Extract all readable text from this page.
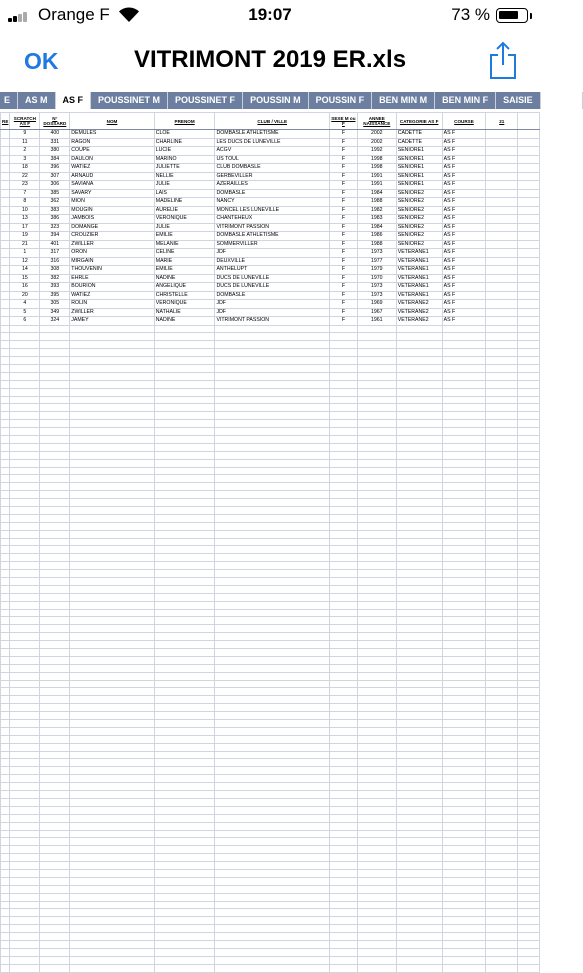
Orange F	19:07	73 %
OK	VITRIMONT 2019 ER.xls
E AS M AS F POUSSINET M POUSSINET F POUSSIN M POUSSIN F BEN MIN M BEN MIN F SAISIE MARC
RE	SCRATCH AS F	N° DOSSARD	NOM	PRENOM	CLUB / VILLE	SEXE M ou F	ANNEE NAISSANCE	CATEGORIE AS F	COURSE	21	
	9	400	DEMULES	CLOE	DOMBASLE ATHLETISME	F	2002	CADETTE	AS F		
	11	331	RAGON	CHARLINE	LES DUCS DE LUNEVILLE	F	2002	CADETTE	AS F		
	2	380	COUPE	LUCIE	ACGV	F	1992	SENIORE1	AS F		
	3	384	DAULON	MARINO	US TOUL	F	1998	SENIORE1	AS F		
	18	396	WATIEZ	JULIETTE	CLUB DOMBASLE	F	1998	SENIORE1	AS F		
	22	307	ARNAUD	NELLIE	GERBEVILLER	F	1991	SENIORE1	AS F		
	23	306	SAVIANA	JULIE	AZERAILLES	F	1991	SENIORE1	AS F		
	7	385	SAVARY	LAIS	DOMBASLE	F	1984	SENIORE2	AS F		
	8	362	MION	MADELINE	NANCY	F	1988	SENIORE2	AS F		
	10	383	MOUGIN	AURELIE	MONCEL LES LUNEVILLE	F	1982	SENIORE2	AS F		
	13	386	JAMBOIS	VERONIQUE	CHANTEHEUX	F	1983	SENIORE2	AS F		
	17	323	DOMANGE	JULIE	VITRIMONT PASSION	F	1984	SENIORE2	AS F		
	19	394	CROUZIER	EMILIE	DOMBASLE ATHLETISME	F	1986	SENIORE2	AS F		
	21	401	ZWILLER	MELANIE	SOMMERVILLER	F	1988	SENIORE2	AS F		
	1	317	ORON	CELINE	JDF	F	1973	VETERANE1	AS F		
	12	316	MIRGAIN	MARIE	DEUXVILLE	F	1977	VETERANE1	AS F		
	14	308	THOUVENIN	EMILIE	ANTHELUPT	F	1979	VETERANE1	AS F		
	15	382	EHRLE	NADINE	DUCS DE LUNEVILLE	F	1970	VETERANE1	AS F		
	16	393	BOURION	ANGELIQUE	DUCS DE LUNEVILLE	F	1973	VETERANE1	AS F		
	20	395	WATIEZ	CHRISTELLE	DOMBASLE	F	1973	VETERANE1	AS F		
	4	305	ROLIN	VERONIQUE	JDF	F	1969	VETERANE2	AS F		
	5	349	ZWILLER	NATHALIE	JDF	F	1967	VETERANE2	AS F		
	6	324	JAMEY	NADINE	VITRIMONT PASSION	F	1961	VETERANE2	AS F		
